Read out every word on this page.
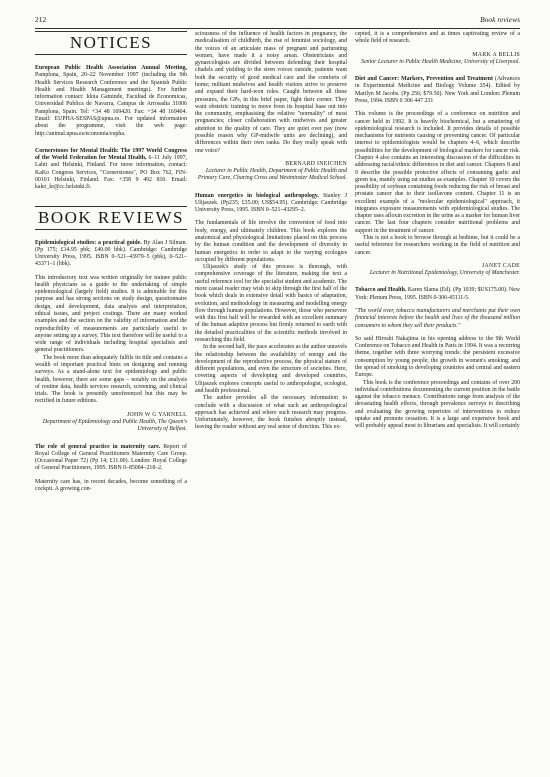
212	Book reviews
NOTICES

European Public Health Association Annual Meeting, Pamplona, Spain, 20–22 November 1997 (including the 9th Health Services Research Conference and the Spanish Public Health and Health Management meetings). For further information contact: Idoia Gaminde, Facultad de Economicas, Universidad Publica de Navarra, Campus de Arrosadia 31006 Pamplona, Spain. Tel: +34 48 169420. Fax: +34 48 169404. Email: EUPHA-SESPAS@upna.es. For updated information about the programme, visit the web page: http://animal.upna.es/economia/eupha.

Cornerstones for Mental Health: The 1997 World Congress of the World Federation for Mental Health, 6–11 July 1997, Lahti and Helsinki, Finland. For more information, contact: KaKo Congress Services, "Cornerstones", PO Box 762, FIN-00101 Helsinki, Finland. Fax: +358 9 492 810. Email: kako_kr@cc.helsinki.fi.

BOOK REVIEWS

Epidemiological studies: a practical guide. By Alan J Silman. (Pp 175; £14.95 pbk; £40.00 hbk). Cambridge: Cambridge University Press, 1995. ISBN 0–521–43979–5 (pbk), 0–521–43371–1 (hbk).

This introductory text was written originally for trainee public health physicians as a guide to the undertaking of simple epidemiological (largely field) studies. It is admirable for this purpose and has strong sections on study design, questionnaire design, and development, data analysis and interpretation, ethical issues, and project costings. There are many worked examples and the section on the validity of information and the reproducibility of measurements are particularly useful to anyone setting up a survey. This text therefore will be useful to a wide range of individuals including hospital specialists and general practitioners.

The book more than adequately fulfils its title and contains a wealth of important practical hints on designing and running surveys. As a stand-alone text for epidemiology and public health, however, there are some gaps – notably on the analysis of routine data, health services research, screening, and clinical trials. The book is presently unreferenced but this may be rectified in future editions.

JOHN W G YARNELL
Department of Epidemiology and Public Health, The Queen's University of Belfast.

The role of general practice in maternity care. Report of Royal College of General Practitioners Maternity Care Group. (Occasional Paper 72) (Pp 14; £11.00). London: Royal College of General Practitioners, 1995. ISBN 0–85084–218–2.

Maternity care has, in recent decades, become something of a cockpit. A growing con-

sciousness of the influence of health factors in pregnancy, the medicalisation of childbirth, the rise of feminist sociology, and the voices of an articulate mass of pregnant and parturating women, have made it a noisy arean. Obstetricians and gynaecologists are divided between defending their hospital citadels and yielding to the siren voices outside, patients want both the security of good medical care and the comforts of home; militant midwives and health visitors strive to preserve and expand their hard-won roles. Caught between all these pressures, the GPs, in this brief paper, fight their corner. They want obstetric training to move from its hospital base out into the community, emphasising the relative "normality" of most pregnancies; closer collaboration with midwives and greater attention to the quality of care. They are quiet over pay (now possible reason why GP-midwife units are declining), and differences within their own ranks. Do they really speak with one voice?

BERNARD INEICHEN
Lecturer in Public Health, Department of Public Health and Primary Care, Charing Cross and Westminster Medical School.

Human energetics in biological anthropology. Stanley J Ulijaszek. (Pp235; £35.00; US$54.95). Cambridge: Cambridge University Press, 1995. ISBN 0–521–43295–2.

The fundamentals of life involve the conversion of food into body, energy, and ultimately children. This book explores the anatomical and physiological limitations placed on this process by the human condition and the development of diversity in human energetics in order to adapt to the varying ecologies occupied by different populations.

Ulijaszek's study of this process is thorough, with comprehensive coverage of the literature, making the text a useful reference tool for the specialist student and academic. The more casual reader may wish to skip through the first half of the book which deals in extensive detail with basics of adaptation, evolution, and methodology in measuring and modelling energy flow through human populations. However, those who persevere with this first half will be rewarded with an excellent summary of the human adaptive process but firmly returned to earth with the detailed practicalities of the scientific methods involved in researching this field.

In the second half, the pace accelerates as the author unravels the relationship between the availability of energy and the development of the reproductive process, the physical stature of different populations, and even the structure of societies. Here, covering aspects of developing and developed countries, Ulijaszek explores concepts useful to anthropologist, ecologist, and health professional.

The author provides all the necessary information to conclude with a discussion of what such an anthropological approach has achieved and where such research may progress. Unfortunately, however, the book finishes abruptly instead, leaving the reader without any real sense of direction. This ex-

cepted, it is a comprehensive and at times captivating review of a whole field of research.

MARK A BELLIS
Senior Lecturer in Public Health Medicine, University of Liverpool.

Diet and Cancer: Markers, Prevention and Treatment (Advances in Experimental Medicine and Biology Volume 354). Edited by Marilyn M Jacobs. (Pp 256; $79.50). New York and London: Plenum Press, 1994. ISBN 0 306 447 231

This volume is the proceedings of a conference on nutrition and cancer held in 1992. It is heavily biochemical, but a smattering of epidemiological research is included. It provides details of possible mechanisms for nutrients causing or preventing cancer. Of particular interest to epidemiologists would be chapters 4–6, which describe possibilities for the development of biological markers for cancer risk. Chapter 4 also contains an interesting discussion of the difficulties in addressing racial/ethnic differences in diet and cancer. Chapters 8 and 9 describe the possible protective effects of consuming garlic and green tea, mainly using rat studies as examples. Chapter 10 covers the possibility of soybean containing foods reducing the risk of breast and prostate cancer due to their isoflavone content. Chapter 11 is an excellent example of a "molecular epidemiological" approach, it integrates exposure measurements with epidemiological studies. The chapter uses afloxin excretion in the urine as a marker for human liver cancer. The last four chapters consider nutritional problems and support in the treatment of cancer.

This is not a book to browse through at bedtime, but it could be a useful reference for researchers working in the field of nutrition and cancer.

JANET CADE
Lecturer in Nutritional Epidemiology, University of Manchester.

Tobacco and Health. Karen Slama (Ed). (Pp 1039; $US175.00). New York: Plenum Press, 1995. ISBN 0-306-45111-5.

"The world over, tobacco manufacturers and merchants put their own financial interests before the health and lives of the thousand million consumers to whom they sell their products."

So said Hiroshi Nakajima in his opening address to the 9th World Conference on Tobacco and Health in Paris in 1994. It was a recurring theme, together with three worrying trends: the persistent excessive consumption by young people; the growth in women's smoking; and the spread of smoking to developing countries and central and eastern Europe.

This book is the conference proceedings and contains of over 200 individual contributions documenting the current position in the battle against the tobacco menace. Contributions range from analysis of the devastating health effects, through prevalence surveys to describing and evaluating the growing repertoire of interventions to reduce uptake and promote cessation. It is a large and expensive book and will probably appeal most to librarians and specialists. It will certainly
